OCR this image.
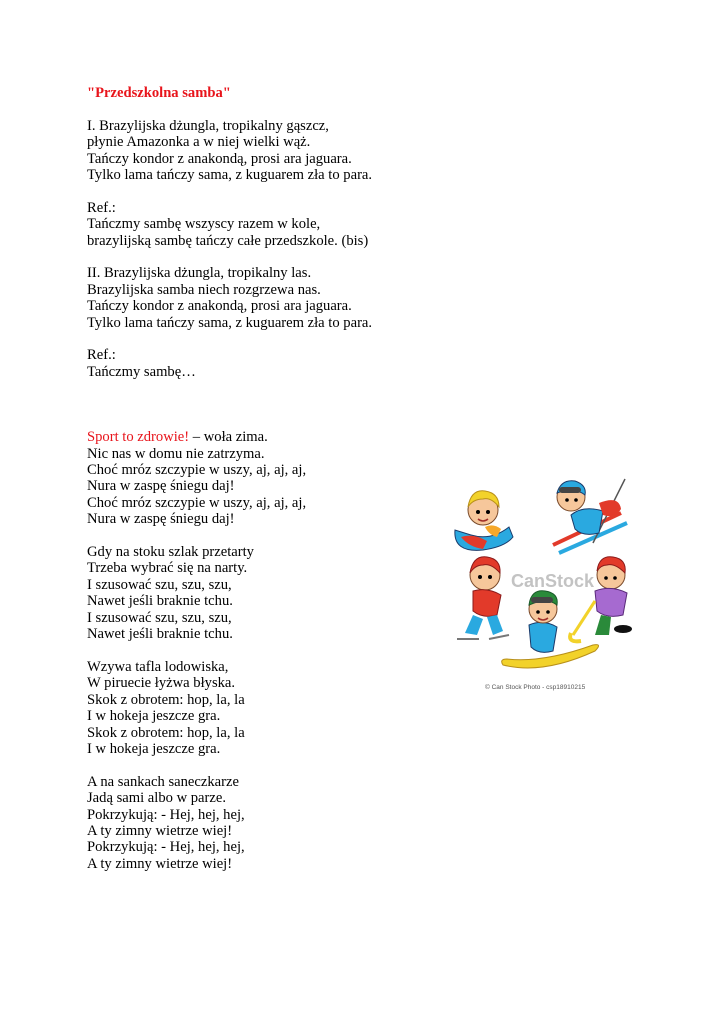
"Przedszkolna samba"

I. Brazylijska dżungla, tropikalny gąszcz,
płynie Amazonka a w niej wielki wąż.
Tańczy kondor z anakondą, prosi ara jaguara.
Tylko lama tańczy sama, z kuguarem zła to para.
Ref.:
Tańczmy sambę wszyscy razem w kole,
brazylijską sambę tańczy całe przedszkole. (bis)
II. Brazylijska dżungla, tropikalny las.
Brazylijska samba niech rozgrzewa nas.
Tańczy kondor z anakondą, prosi ara jaguara.
Tylko lama tańczy sama, z kuguarem zła to para.
Ref.:
Tańczmy sambę…
Sport to zdrowie! – woła zima.
Nic nas w domu nie zatrzyma.
Choć mróz szczypie w uszy, aj, aj, aj,
Nura w zaspę śniegu daj!
Choć mróz szczypie w uszy, aj, aj, aj,
Nura w zaspę śniegu daj!
Gdy na stoku szlak przetarty
Trzeba wybrać się na narty.
I szusować szu, szu, szu,
Nawet jeśli braknie tchu.
I szusować szu, szu, szu,
Nawet jeśli braknie tchu.
Wzywa tafla lodowiska,
W piruecie łyżwa błyska.
Skok z obrotem: hop, la, la
I w hokeja jeszcze gra.
Skok z obrotem: hop, la, la
I w hokeja jeszcze gra.
A na sankach saneczkarze
Jadą sami albo w parze.
Pokrzykują: - Hej, hej, hej,
A ty zimny wietrze wiej!
Pokrzykują: - Hej, hej, hej,
A ty zimny wietrze wiej!
CanStock
© Can Stock Photo - csp18910215
